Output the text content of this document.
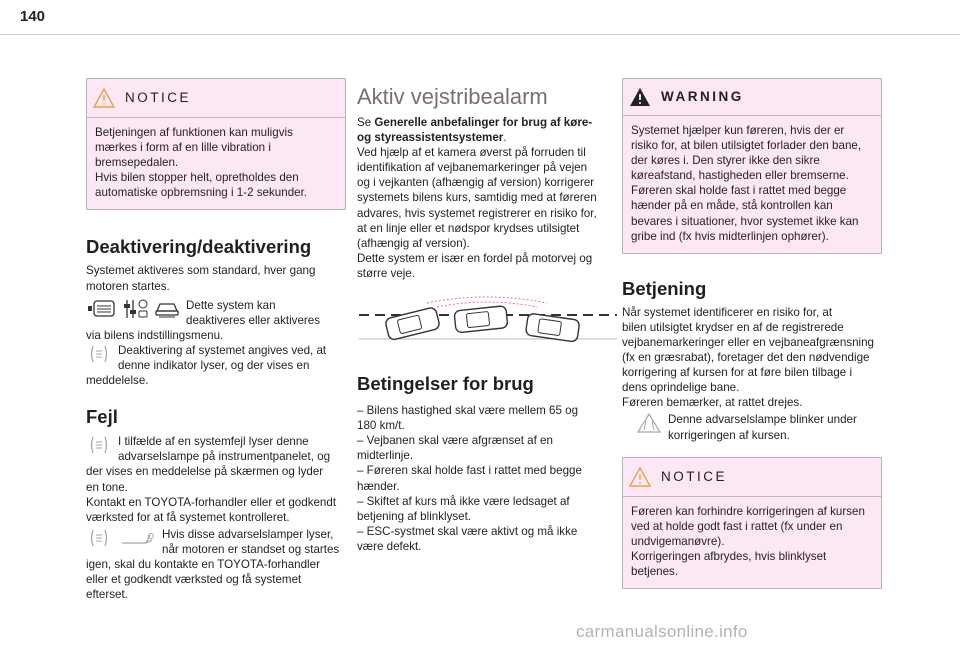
140
NOTICE
Betjeningen af funktionen kan muligvis
mærkes i form af en lille vibration i
bremsepedalen.
Hvis bilen stopper helt, opretholdes den
automatiske opbremsning i 1-2 sekunder.
Deaktivering/deaktivering

Systemet aktiveres som standard, hver gang
motoren startes.

Dette system kan
deaktiveres eller aktiveres

via bilens indstillingsmenu.

Deaktivering af systemet angives ved, at
denne indikator lyser, og der vises en

meddelelse.

Fejl
I tilfælde af en systemfejl lyser denne
advarselslampe på instrumentpanelet, og

der vises en meddelelse på skærmen og lyder
en tone.
Kontakt en TOYOTA-forhandler eller et godkendt
værksted for at få systemet kontrolleret.

Hvis disse advarselslamper lyser,
når motoren er standset og startes

igen, skal du kontakte en TOYOTA-forhandler
eller et godkendt værksted og få systemet
efterset.

Aktiv vejstribealarm

Se Generelle anbefalinger for brug af køre-
og styreassistentsystemer.

Ved hjælp af et kamera øverst på forruden til
identifikation af vejbanemarkeringer på vejen
og i vejkanten (afhængig af version) korrigerer
systemets bilens kurs, samtidig med at føreren
advares, hvis systemet registrerer en risiko for,
at en linje eller et nødspor krydses utilsigtet
(afhængig af version).
Dette system er især en fordel på motorvej og
større veje.

Betingelser for brug

– Bilens hastighed skal være mellem 65 og
180 km/t.
– Vejbanen skal være afgrænset af en
midterlinje.
– Føreren skal holde fast i rattet med begge
hænder.
– Skiftet af kurs må ikke være ledsaget af
betjening af blinklyset.
– ESC-systmet skal være aktivt og må ikke
være defekt.

WARNING
Systemet hjælper kun føreren, hvis der er
risiko for, at bilen utilsigtet forlader den bane,
der køres i. Den styrer ikke den sikre
køreafstand, hastigheden eller bremserne.
Føreren skal holde fast i rattet med begge
hænder på en måde, stå kontrollen kan
bevares i situationer, hvor systemet ikke kan
gribe ind (fx hvis midterlinjen ophører).
Betjening

Når systemet identificerer en risiko for, at
bilen utilsigtet krydser en af de registrerede
vejbanemarkeringer eller en vejbaneafgrænsning
(fx en græsrabat), foretager det den nødvendige
korrigering af kursen for at føre bilen tilbage i
dens oprindelige bane.
Føreren bemærker, at rattet drejes.

Denne advarselslampe blinker under
korrigeringen af kursen.
NOTICE
Føreren kan forhindre korrigeringen af kursen
ved at holde godt fast i rattet (fx under en
undvigemanøvre).
Korrigeringen afbrydes, hvis blinklyset
betjenes.
carmanualsonline.info
